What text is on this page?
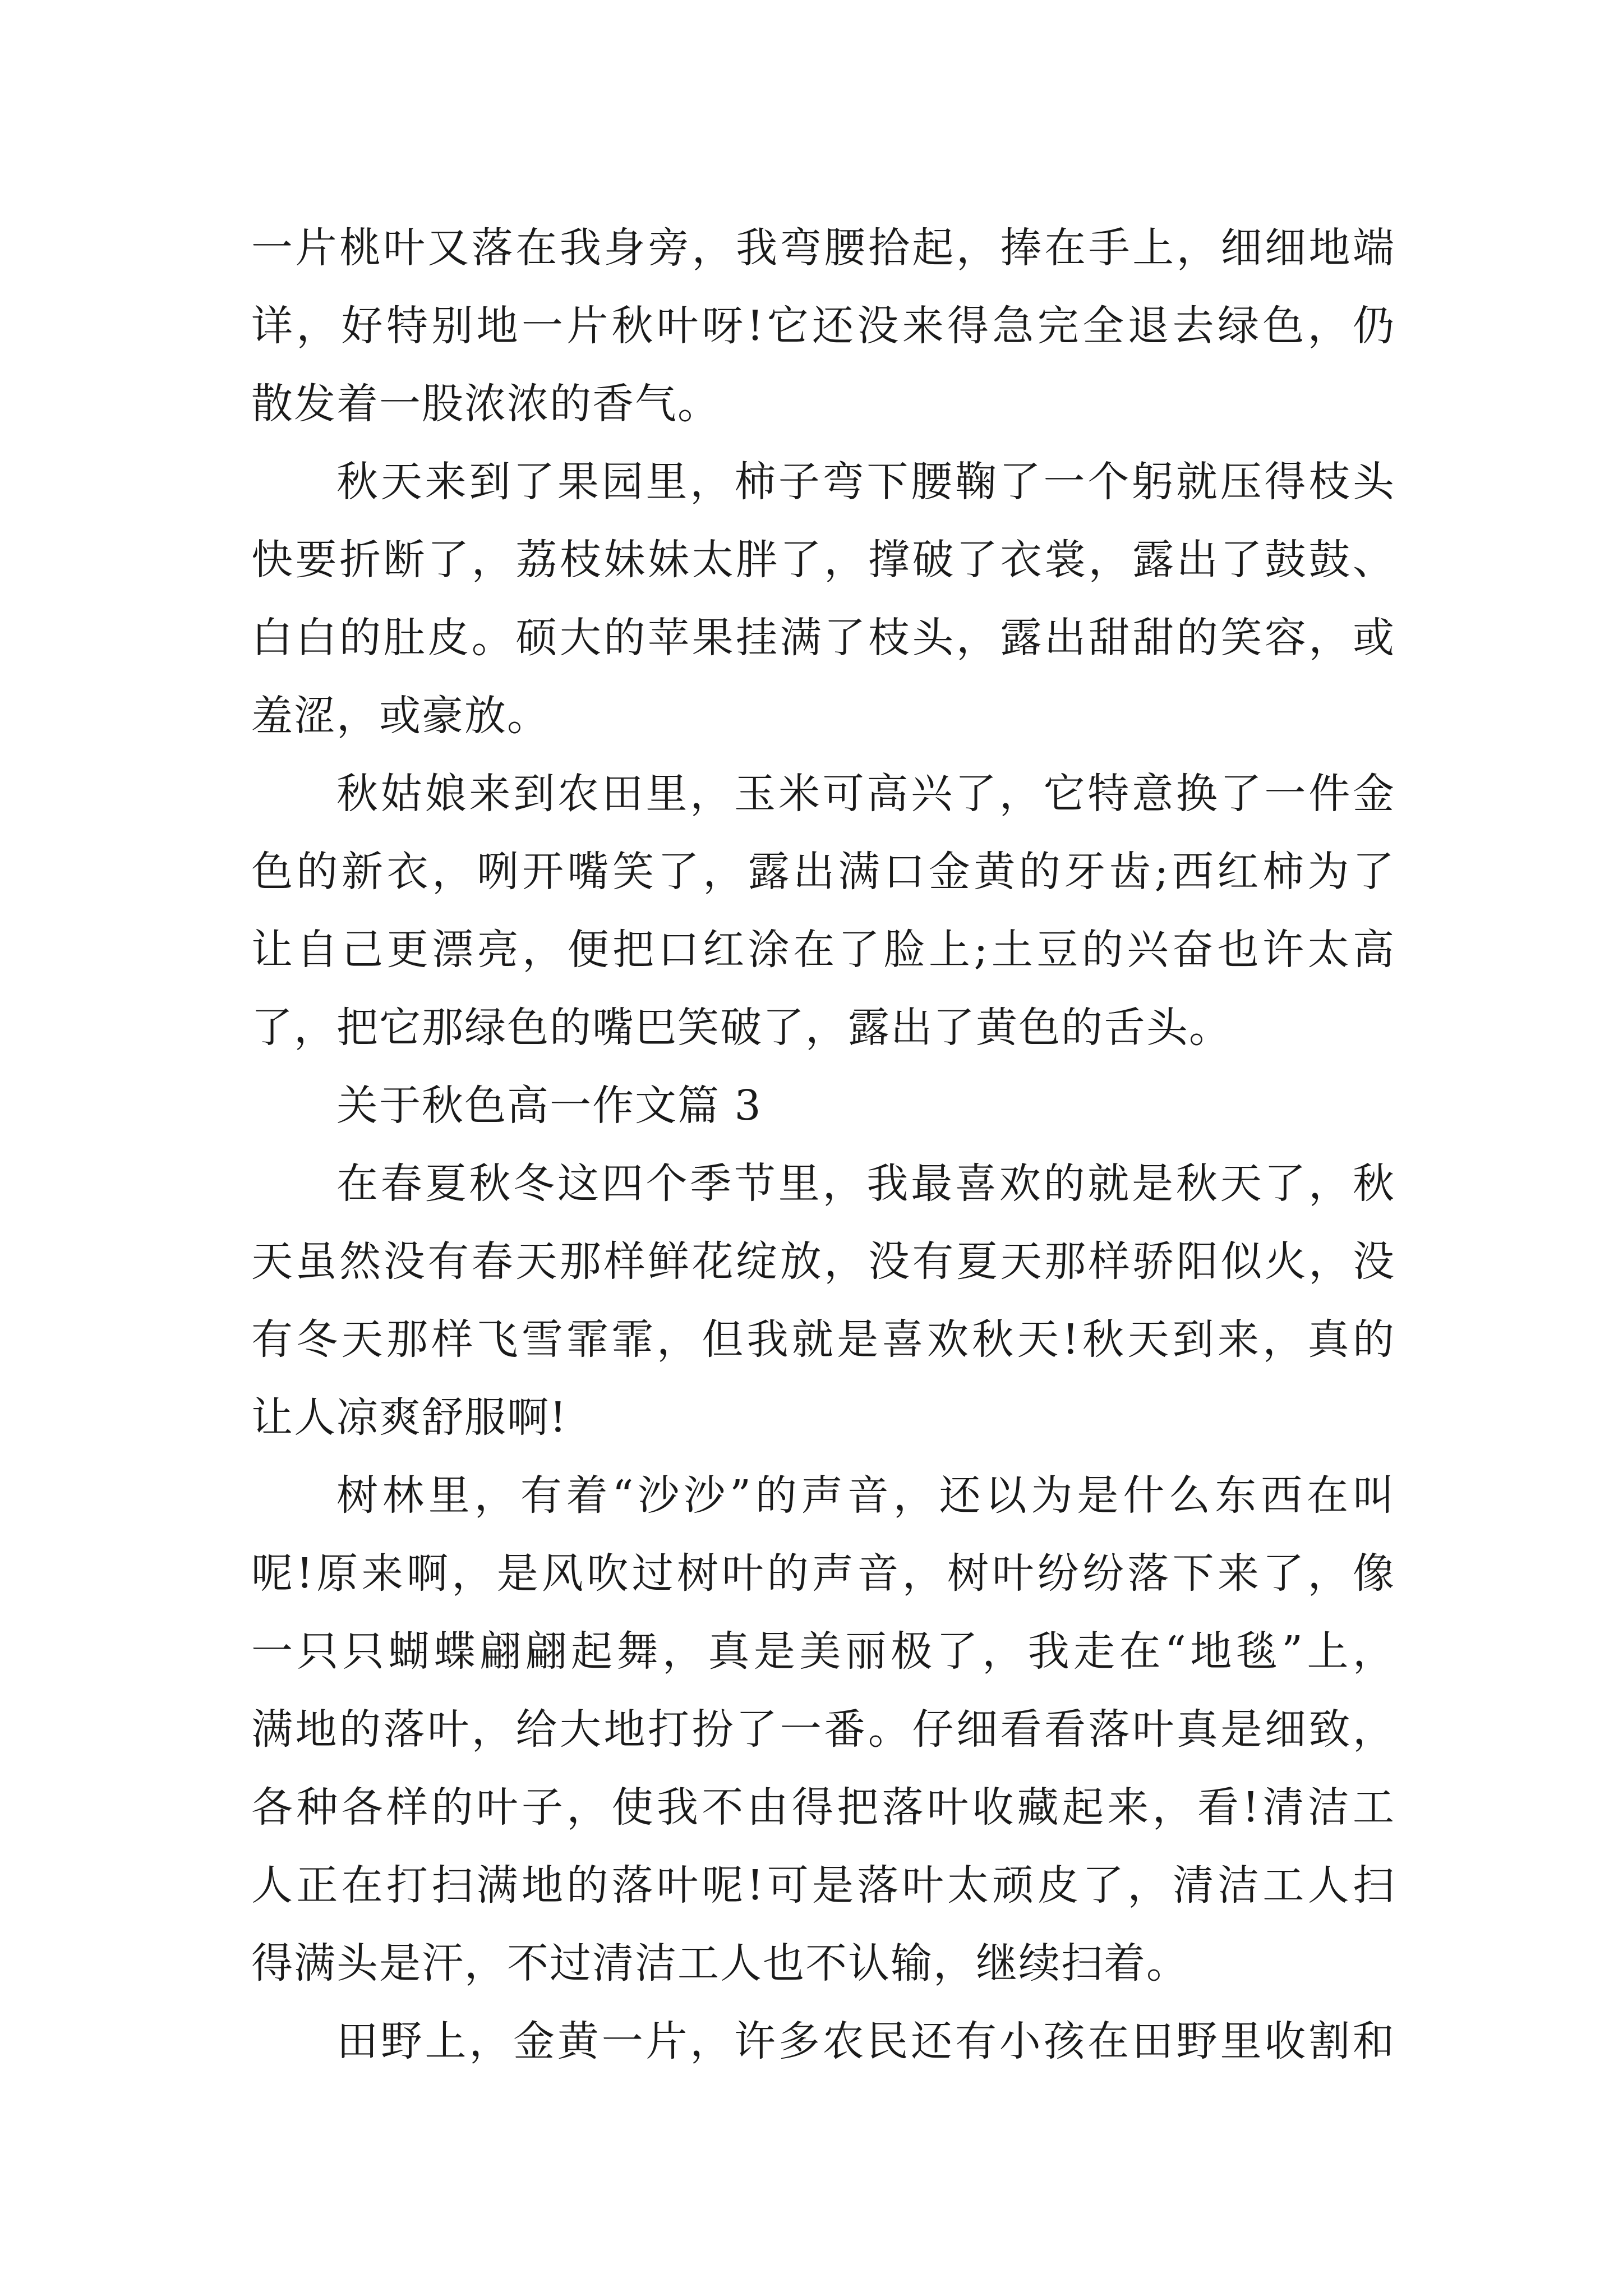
一片桃叶又落在我身旁，我弯腰拾起，捧在手上，细细地端

详，好特别地一片秋叶呀!它还没来得急完全退去绿色，仍

散发着一股浓浓的香气。

秋天来到了果园里，柿子弯下腰鞠了一个躬就压得枝头

快要折断了，荔枝妹妹太胖了，撑破了衣裳，露出了鼓鼓、

白白的肚皮。硕大的苹果挂满了枝头，露出甜甜的笑容，或

羞涩，或豪放。

秋姑娘来到农田里，玉米可高兴了，它特意换了一件金

色的新衣，咧开嘴笑了，露出满口金黄的牙齿;西红柿为了

让自己更漂亮，便把口红涂在了脸上;土豆的兴奋也许太高

了，把它那绿色的嘴巴笑破了，露出了黄色的舌头。

关于秋色高一作文篇 3

在春夏秋冬这四个季节里，我最喜欢的就是秋天了，秋

天虽然没有春天那样鲜花绽放，没有夏天那样骄阳似火，没

有冬天那样飞雪霏霏，但我就是喜欢秋天!秋天到来，真的

让人凉爽舒服啊!

树林里，有着“沙沙”的声音，还以为是什么东西在叫

呢!原来啊，是风吹过树叶的声音，树叶纷纷落下来了，像

一只只蝴蝶翩翩起舞，真是美丽极了，我走在“地毯”上，

满地的落叶，给大地打扮了一番。仔细看看落叶真是细致，

各种各样的叶子，使我不由得把落叶收藏起来，看!清洁工

人正在打扫满地的落叶呢!可是落叶太顽皮了，清洁工人扫

得满头是汗，不过清洁工人也不认输，继续扫着。

田野上，金黄一片，许多农民还有小孩在田野里收割和
